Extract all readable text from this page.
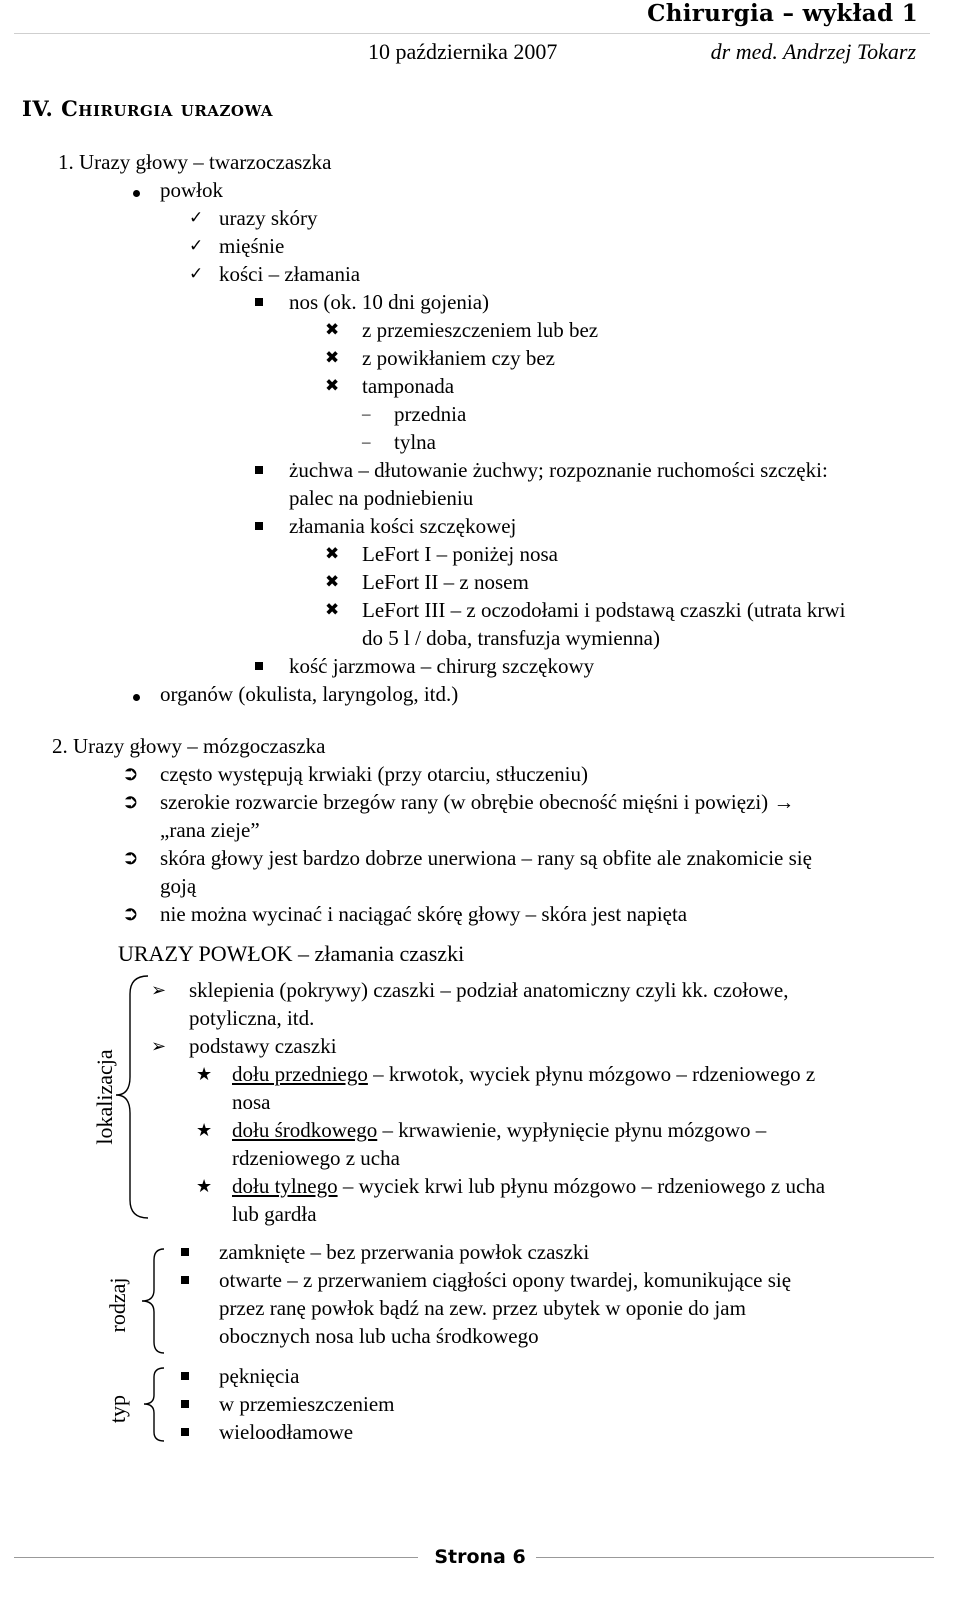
Chirurgia – wykład 1
10 października 2007	dr med. Andrzej Tokarz
IV. Chirurgia urazowa
1. Urazy głowy – twarzoczaszka
powłok
✓ urazy skóry
✓ mięśnie
✓ kości – złamania
nos (ok. 10 dni gojenia)
✖ z przemieszczeniem lub bez
✖ z powikłaniem czy bez
✖ tamponada
– przednia
– tylna
żuchwa – dłutowanie żuchwy; rozpoznanie ruchomości szczęki:
palec na podniebieniu
złamania kości szczękowej
✖ LeFort I – poniżej nosa
✖ LeFort II – z nosem
✖ LeFort III – z oczodołami i podstawą czaszki (utrata krwi
do 5 l / doba, transfuzja wymienna)
kość jarzmowa – chirurg szczękowy
organów (okulista, laryngolog, itd.)
2. Urazy głowy – mózgoczaszka
➲ często występują krwiaki (przy otarciu, stłuczeniu)
➲ szerokie rozwarcie brzegów rany (w obrębie obecność mięśni i powięzi) →
„rana zieje”
➲ skóra głowy jest bardzo dobrze unerwiona – rany są obfite ale znakomicie się
goją
➲ nie można wycinać i naciągać skórę głowy – skóra jest napięta
URAZY POWŁOK – złamania czaszki
lokalizacja
rodzaj
typ
➢ sklepienia (pokrywy) czaszki – podział anatomiczny czyli kk. czołowe,
potyliczna, itd.
➢ podstawy czaszki
★ dołu przedniego – krwotok, wyciek płynu mózgowo – rdzeniowego z
nosa
★ dołu środkowego – krwawienie, wypłynięcie płynu mózgowo –
rdzeniowego z ucha
★ dołu tylnego – wyciek krwi lub płynu mózgowo – rdzeniowego z ucha
lub gardła
zamknięte – bez przerwania powłok czaszki
otwarte – z przerwaniem ciągłości opony twardej, komunikujące się
przez ranę powłok bądź na zew. przez ubytek w oponie do jam
obocznych nosa lub ucha środkowego
pęknięcia
w przemieszczeniem
wieloodłamowe
Strona 6
